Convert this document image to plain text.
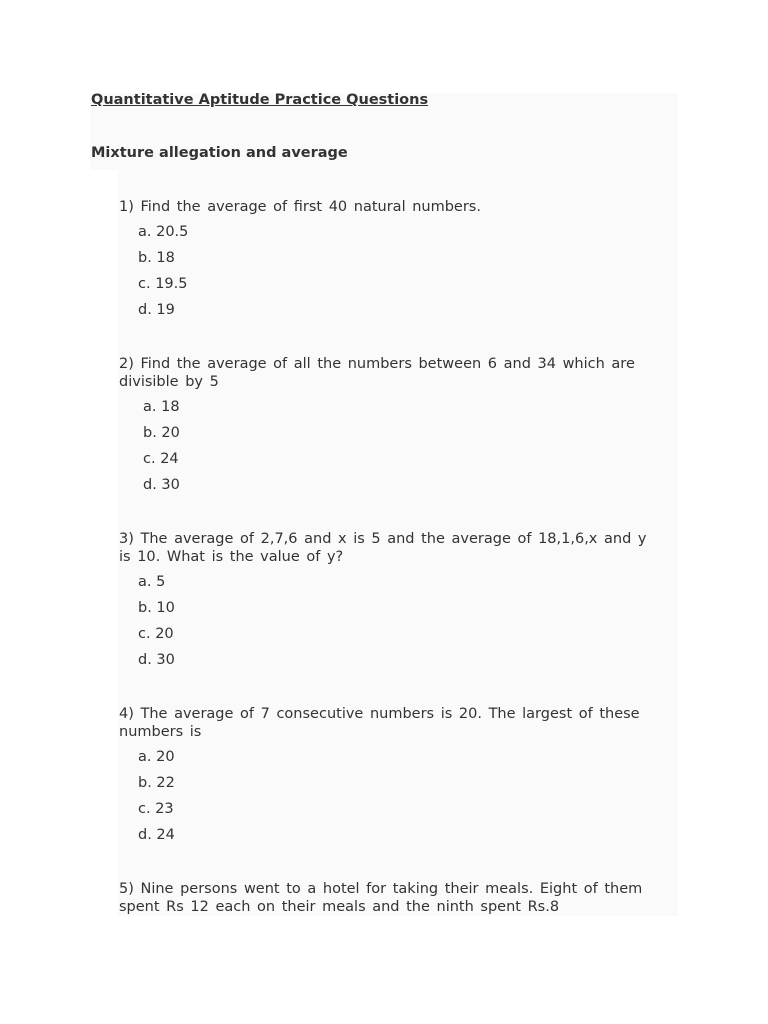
Quantitative Aptitude Practice Questions
Mixture allegation and average
1) Find the average of first 40 natural numbers.
a. 20.5
b. 18
c. 19.5
d. 19
2) Find the average of all the numbers between 6 and 34 which are divisible by 5
a. 18
b. 20
c. 24
d. 30
3) The average of 2,7,6 and x is 5 and the average of 18,1,6,x and y is 10. What is the value of y?
a. 5
b. 10
c. 20
d. 30
4) The average of 7 consecutive numbers is 20. The largest of these numbers is
a. 20
b. 22
c. 23
d. 24
5) Nine persons went to a hotel for taking their meals. Eight of them spent Rs 12 each on their meals and the ninth spent Rs.8
